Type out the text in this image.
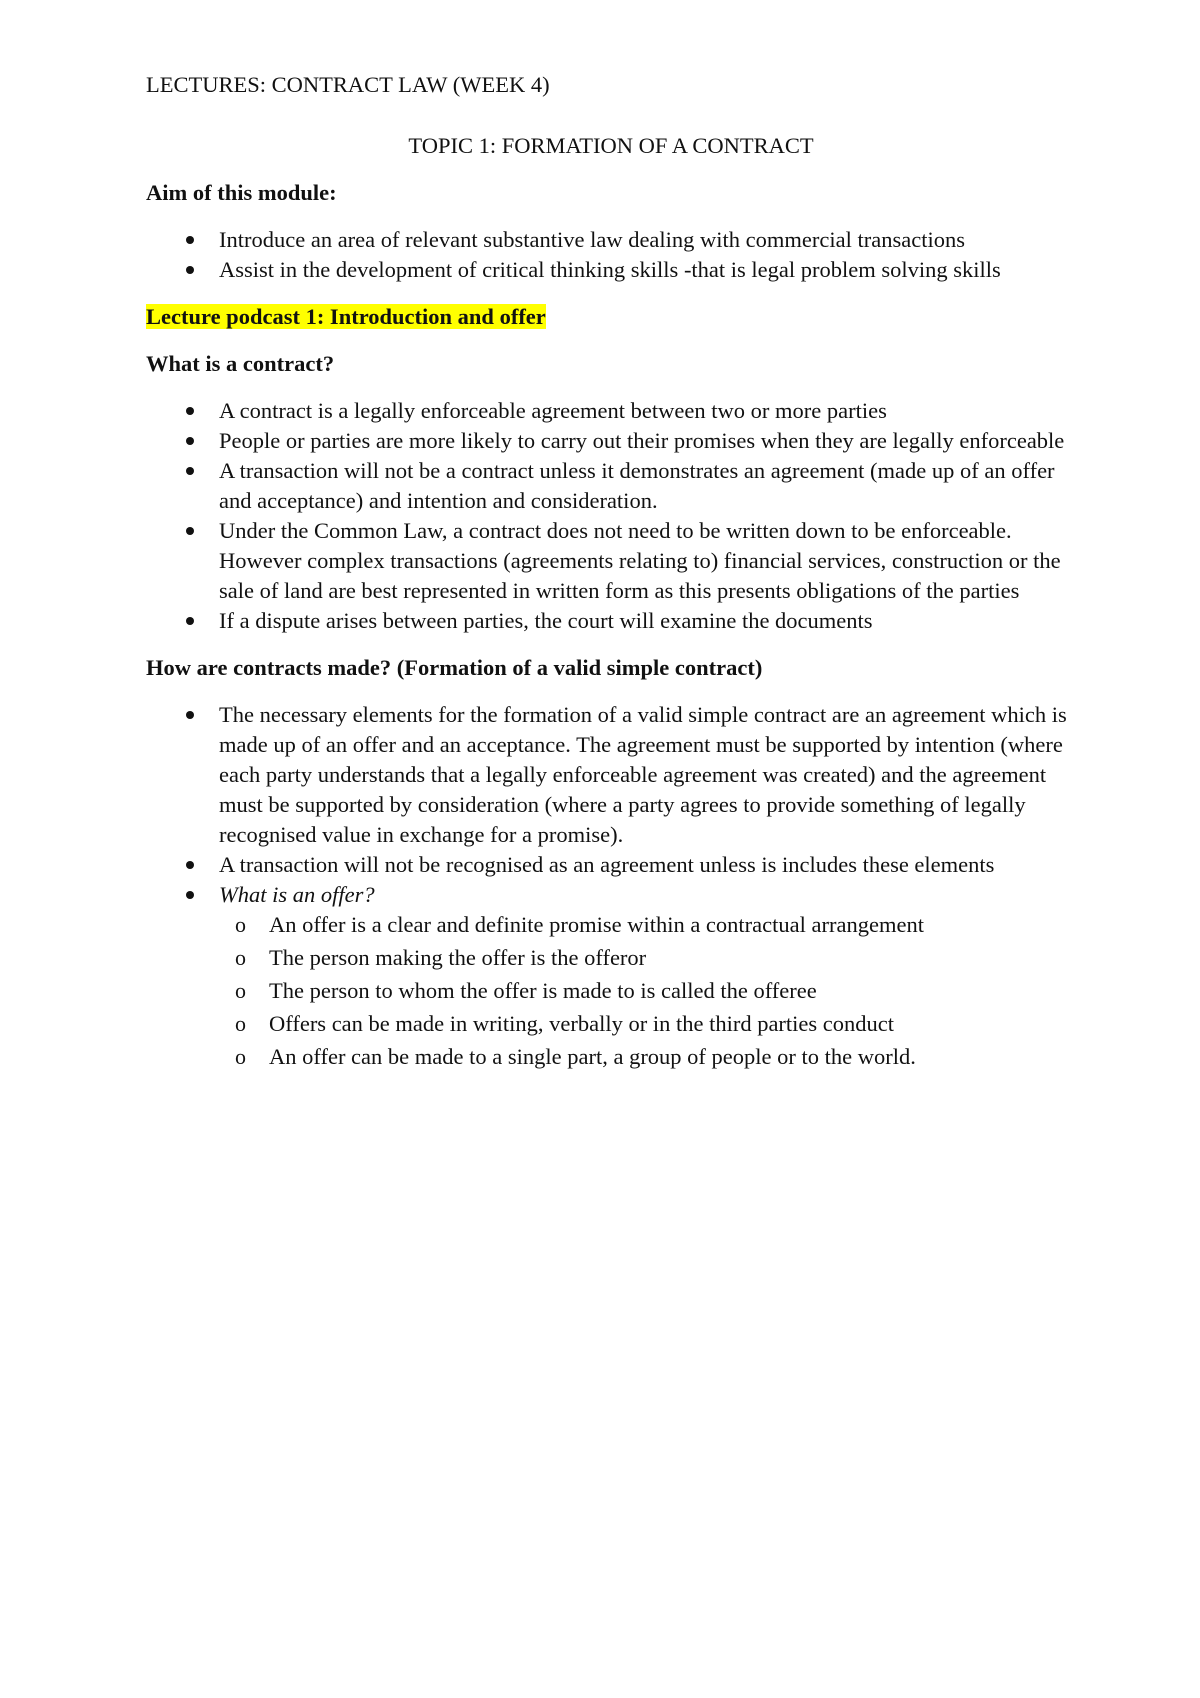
LECTURES: CONTRACT LAW (WEEK 4)
TOPIC 1: FORMATION OF A CONTRACT
Aim of this module:
Introduce an area of relevant substantive law dealing with commercial transactions
Assist in the development of critical thinking skills -that is legal problem solving skills
Lecture podcast 1: Introduction and offer
What is a contract?
A contract is a legally enforceable agreement between two or more parties
People or parties are more likely to carry out their promises when they are legally enforceable
A transaction will not be a contract unless it demonstrates an agreement (made up of an offer and acceptance) and intention and consideration.
Under the Common Law, a contract does not need to be written down to be enforceable. However complex transactions (agreements relating to) financial services, construction or the sale of land are best represented in written form as this presents obligations of the parties
If a dispute arises between parties, the court will examine the documents
How are contracts made? (Formation of a valid simple contract)
The necessary elements for the formation of a valid simple contract are an agreement which is made up of an offer and an acceptance. The agreement must be supported by intention (where each party understands that a legally enforceable agreement was created) and the agreement must be supported by consideration (where a party agrees to provide something of legally recognised value in exchange for a promise).
A transaction will not be recognised as an agreement unless is includes these elements
What is an offer?
o An offer is a clear and definite promise within a contractual arrangement
o The person making the offer is the offeror
o The person to whom the offer is made to is called the offeree
o Offers can be made in writing, verbally or in the third parties conduct
o An offer can be made to a single part, a group of people or to the world.
